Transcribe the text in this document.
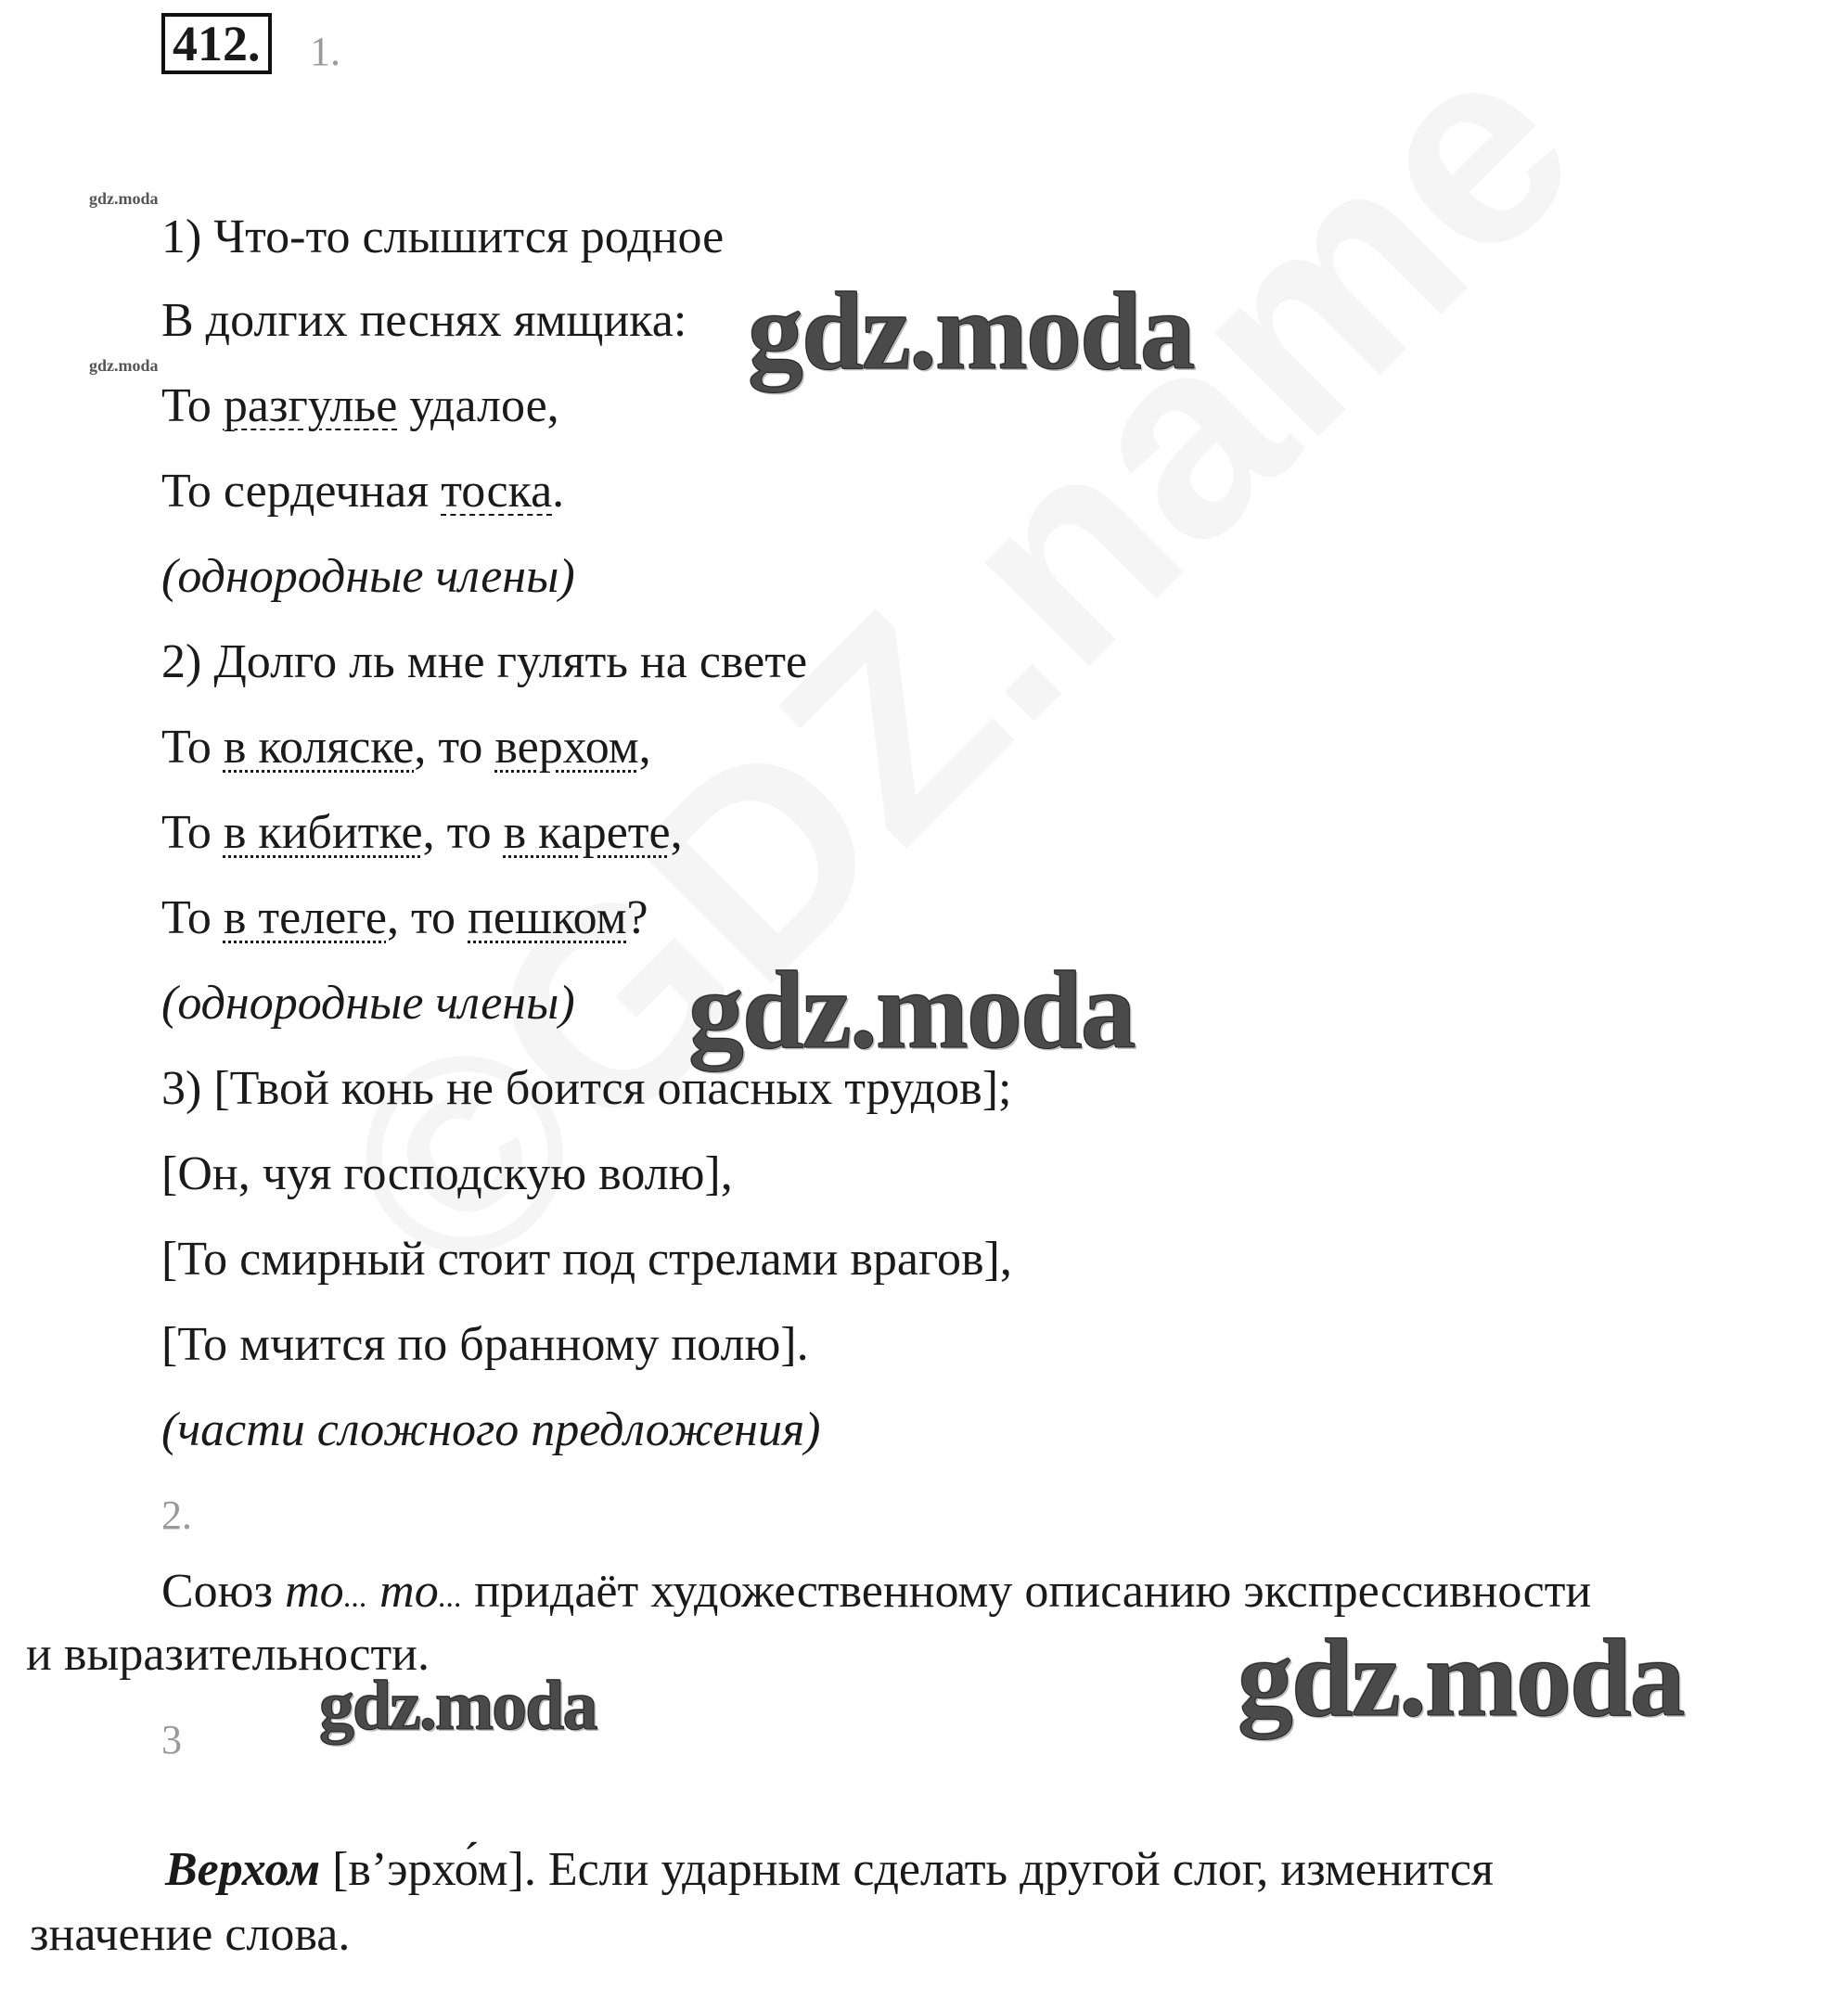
412. 1.
gdz.moda
gdz.moda
1) Что-то слышится родное
В долгих песнях ямщика:
То разгулье удалое,
То сердечная тоска.
(однородные члены)
2) Долго ль мне гулять на свете
То в коляске, то верхом,
То в кибитке, то в карете,
То в телеге, то пешком?
(однородные члены)
3) [Твой конь не боится опасных трудов];
[Он, чуя господскую волю],
[То смирный стоит под стрелами врагов],
[То мчится по бранному полю].
(части сложного предложения)
2.
Союз то... то... придаёт художественному описанию экспрессивности
и выразительности.
3
Верхом [в’эрхо́м]. Если ударным сделать другой слог, изменится
значение слова.
gdz.moda
gdz.moda
gdz.moda	gdz.moda
